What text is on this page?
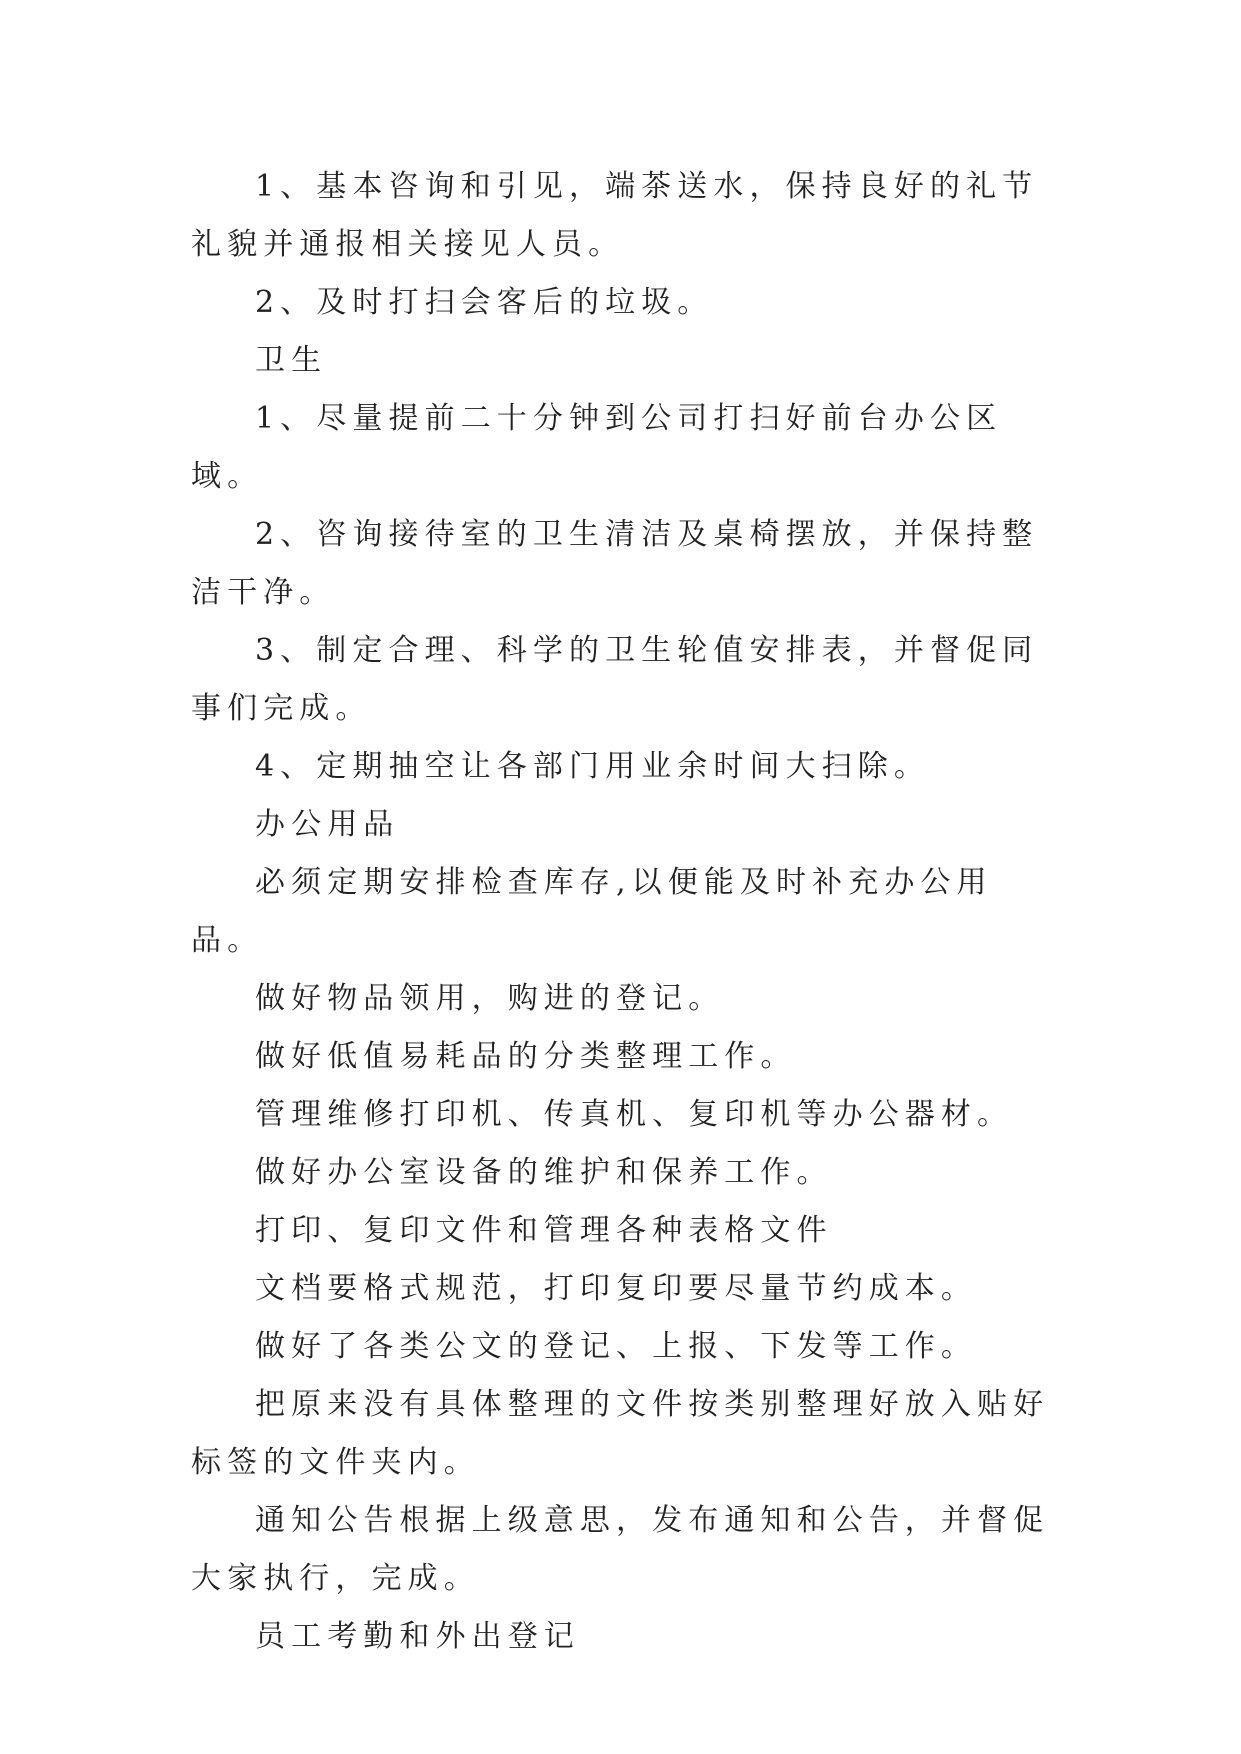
1、基本咨询和引见，端茶送水，保持良好的礼节礼貌并通报相关接见人员。

2、及时打扫会客后的垃圾。

卫生

1、尽量提前二十分钟到公司打扫好前台办公区域。

2、咨询接待室的卫生清洁及桌椅摆放，并保持整洁干净。

3、制定合理、科学的卫生轮值安排表，并督促同事们完成。

4、定期抽空让各部门用业余时间大扫除。

办公用品

必须定期安排检查库存,以便能及时补充办公用品。

做好物品领用，购进的登记。

做好低值易耗品的分类整理工作。

管理维修打印机、传真机、复印机等办公器材。

做好办公室设备的维护和保养工作。

打印、复印文件和管理各种表格文件

文档要格式规范，打印复印要尽量节约成本。

做好了各类公文的登记、上报、下发等工作。

把原来没有具体整理的文件按类别整理好放入贴好标签的文件夹内。

通知公告根据上级意思，发布通知和公告，并督促大家执行，完成。

员工考勤和外出登记
